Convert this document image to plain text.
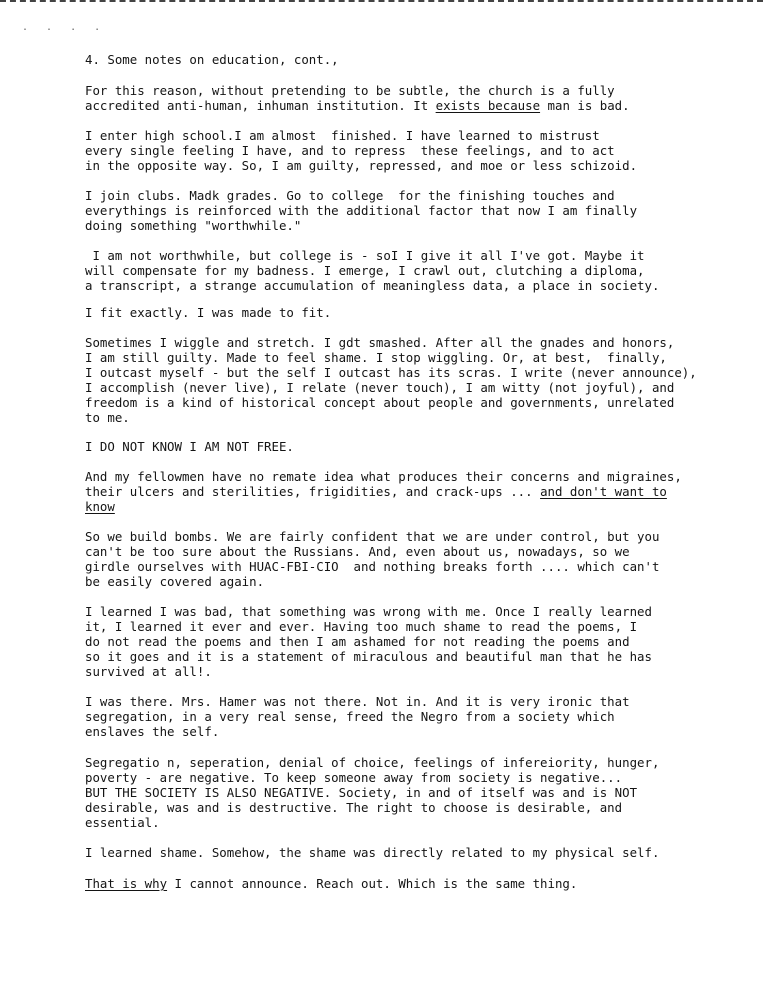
. . . .

4. Some notes on education, cont.,

For this reason, without pretending to be subtle, the church is a fully
accredited anti-human, inhuman institution. It exists because man is bad.
I enter high school.I am almost  finished. I have learned to mistrust
every single feeling I have, and to repress  these feelings, and to act
in the opposite way. So, I am guilty, repressed, and moe or less schizoid.
I join clubs. Madk grades. Go to college  for the finishing touches and
everythings is reinforced with the additional factor that now I am finally
doing something "worthwhile."
I am not worthwhile, but college is - soI I give it all I've got. Maybe it
will compensate for my badness. I emerge, I crawl out, clutching a diploma,
a transcript, a strange accumulation of meaningless data, a place in society.
I fit exactly. I was made to fit.
Sometimes I wiggle and stretch. I gdt smashed. After all the gnades and honors,
I am still guilty. Made to feel shame. I stop wiggling. Or, at best,  finally,
I outcast myself - but the self I outcast has its scras. I write (never announce),
I accomplish (never live), I relate (never touch), I am witty (not joyful), and
freedom is a kind of historical concept about people and governments, unrelated
to me.
I DO NOT KNOW I AM NOT FREE.
And my fellowmen have no remate idea what produces their concerns and migraines,
their ulcers and sterilities, frigidities, and crack-ups ... and don't want to
know
So we build bombs. We are fairly confident that we are under control, but you
can't be too sure about the Russians. And, even about us, nowadays, so we
girdle ourselves with HUAC-FBI-CIO  and nothing breaks forth .... which can't
be easily covered again.
I learned I was bad, that something was wrong with me. Once I really learned
it, I learned it ever and ever. Having too much shame to read the poems, I
do not read the poems and then I am ashamed for not reading the poems and
so it goes and it is a statement of miraculous and beautiful man that he has
survived at all!.
I was there. Mrs. Hamer was not there. Not in. And it is very ironic that
segregation, in a very real sense, freed the Negro from a society which
enslaves the self.
Segregatio n, seperation, denial of choice, feelings of infereiority, hunger,
poverty - are negative. To keep someone away from society is negative...
BUT THE SOCIETY IS ALSO NEGATIVE. Society, in and of itself was and is NOT
desirable, was and is destructive. The right to choose is desirable, and
essential.
I learned shame. Somehow, the shame was directly related to my physical self.
That is why I cannot announce. Reach out. Which is the same thing.
